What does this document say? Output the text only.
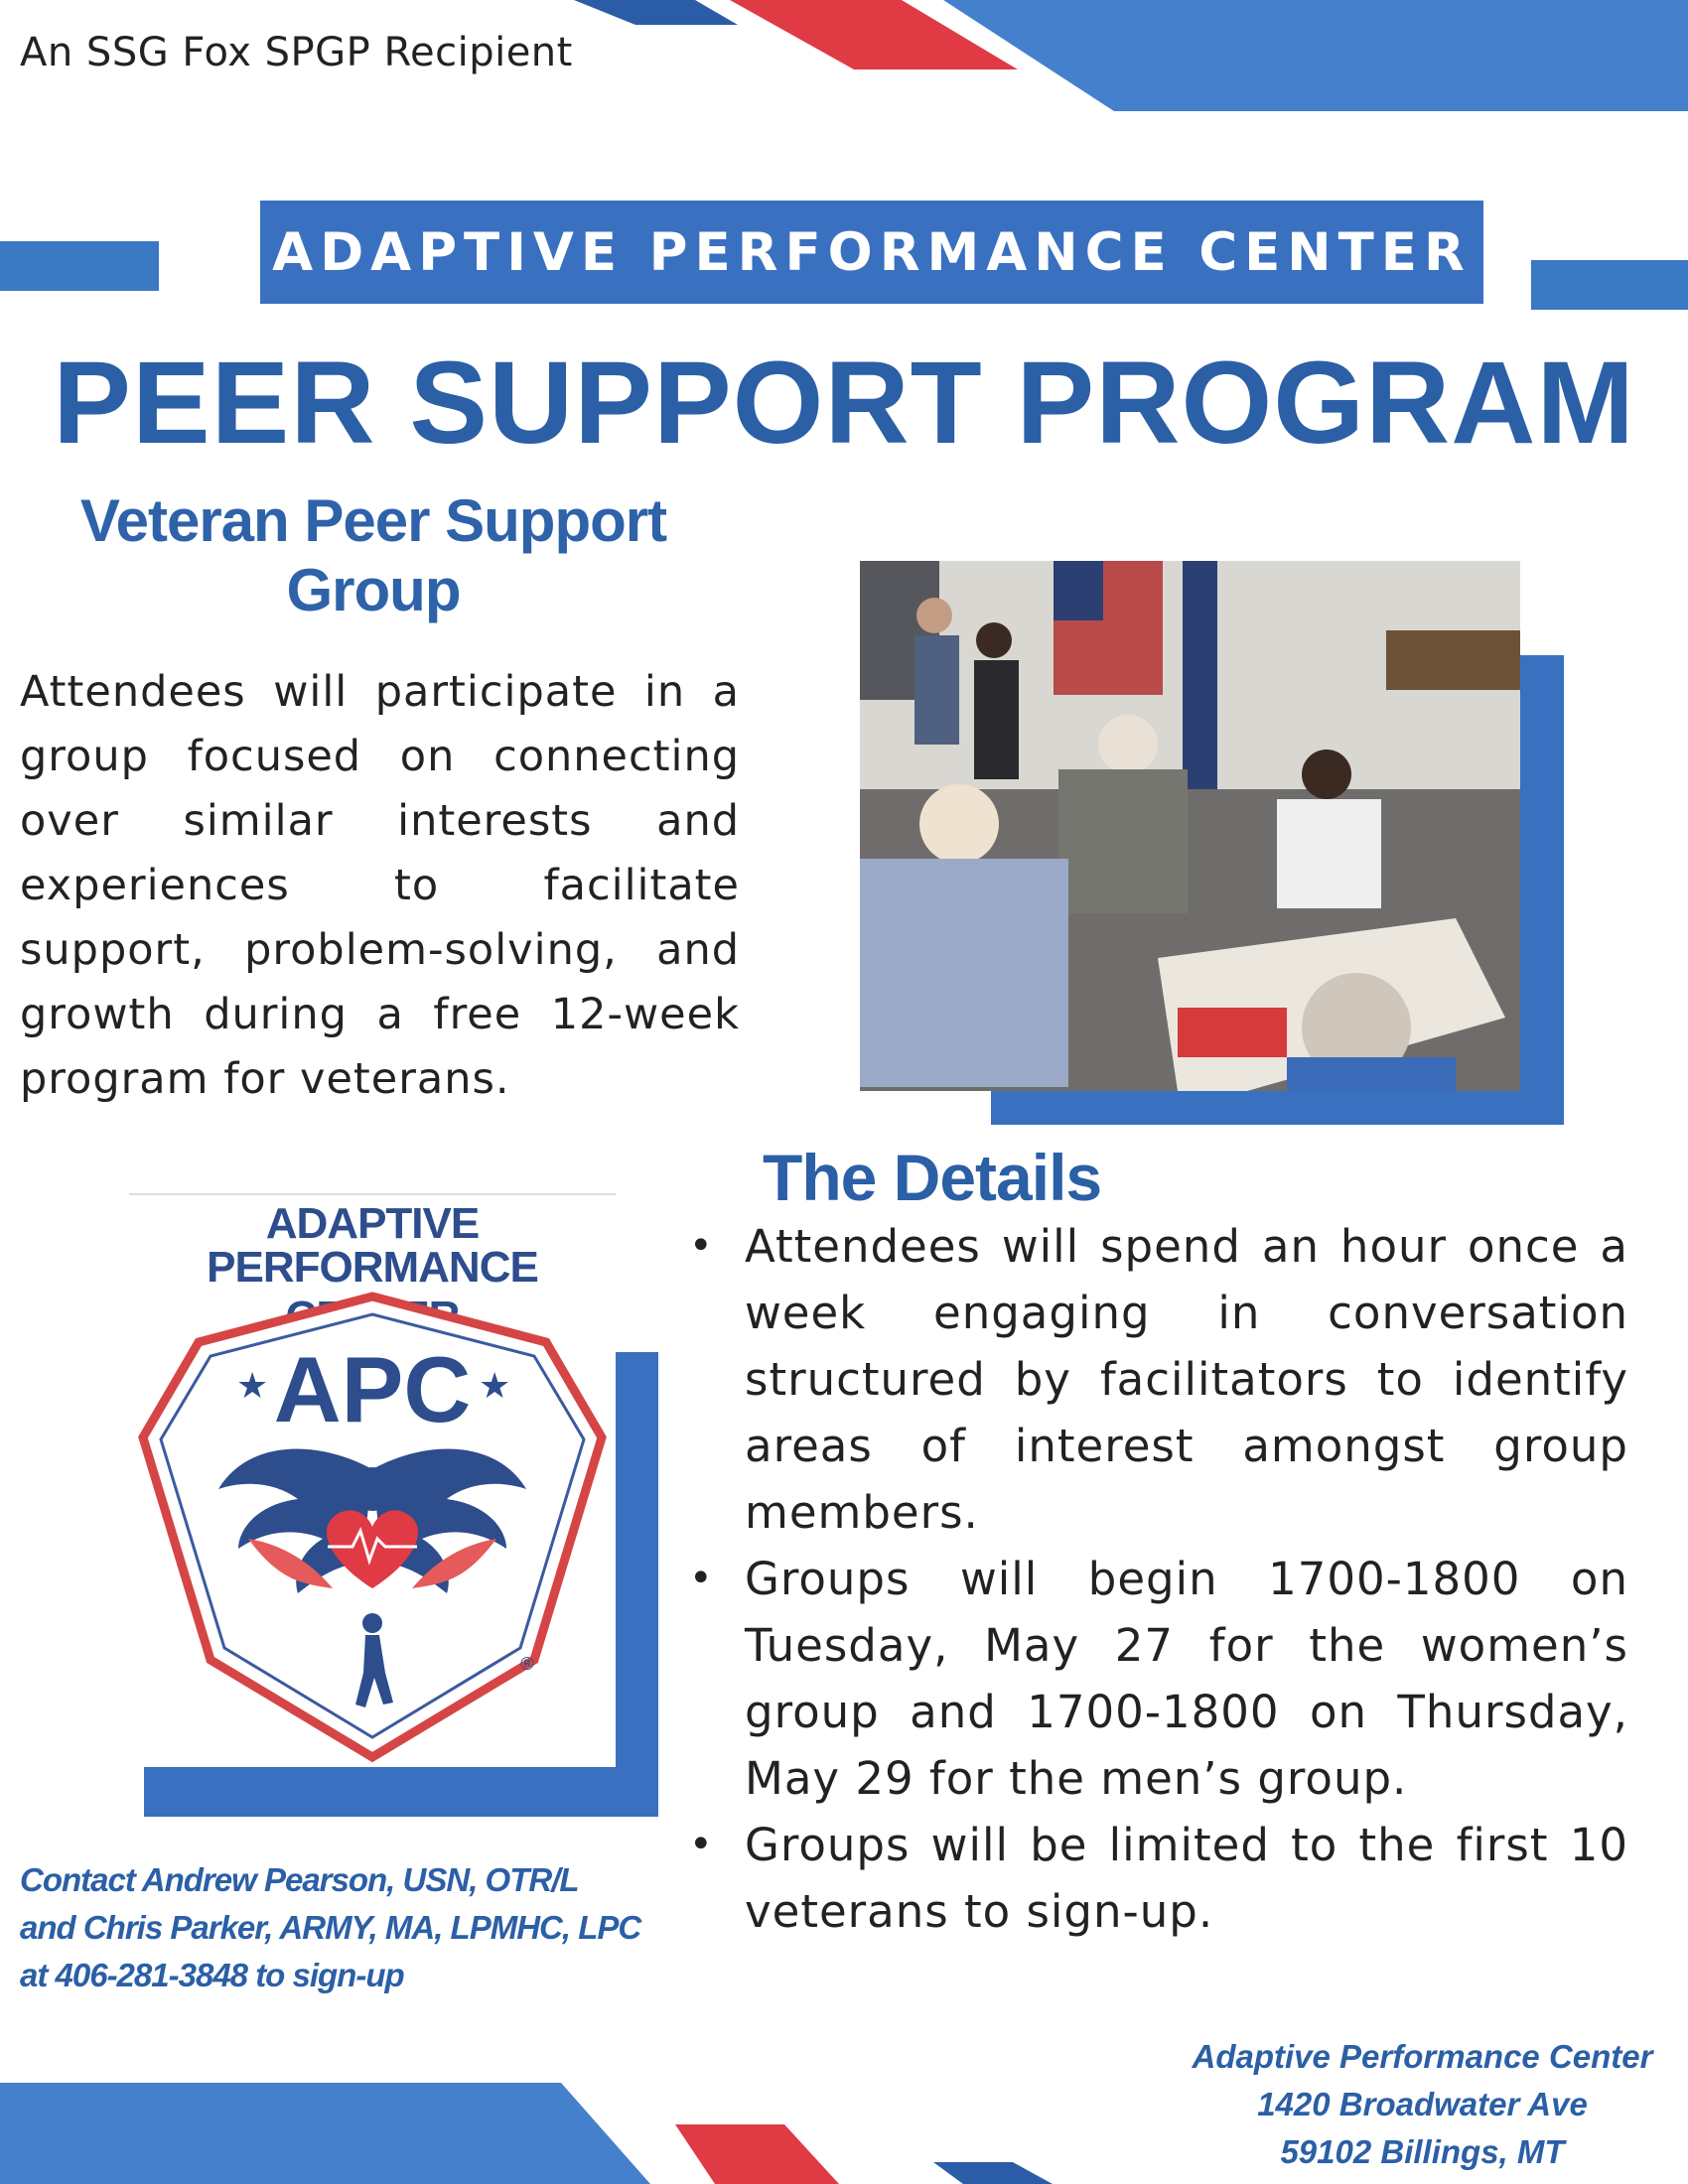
An SSG Fox SPGP Recipient
ADAPTIVE PERFORMANCE CENTER
PEER SUPPORT PROGRAM
Veteran Peer Support Group
Attendees will participate in a group focused on connecting over similar interests and experiences to facilitate support, problem-solving, and growth during a free 12-week program for veterans.
The Details
• Attendees will spend an hour once a week engaging in conversation structured by facilitators to identify areas of interest amongst group members.
• Groups will begin 1700-1800 on Tuesday, May 27 for the women’s group and 1700-1800 on Thursday, May 29 for the men’s group.
• Groups will be limited to the first 10 veterans to sign-up.
ADAPTIVE
PERFORMANCE
APC
★	★
®
Contact Andrew Pearson, USN, OTR/L
and Chris Parker, ARMY, MA, LPMHC, LPC
at 406-281-3848 to sign-up
Adaptive Performance Center
1420 Broadwater Ave
59102 Billings, MT
